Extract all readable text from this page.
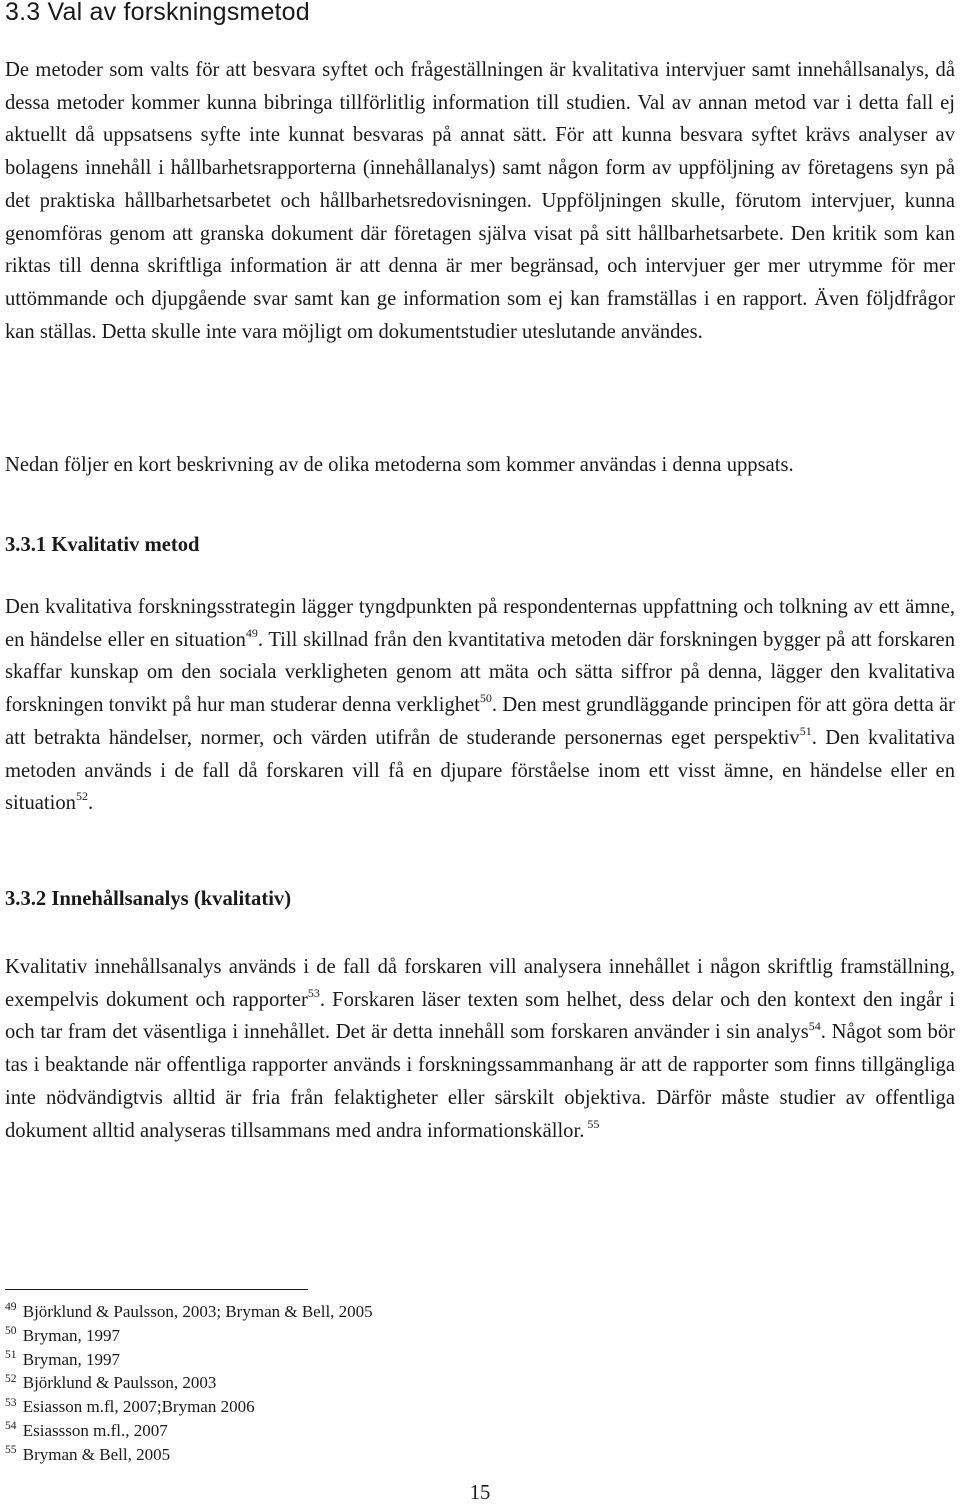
3.3 Val av forskningsmetod

De metoder som valts för att besvara syftet och frågeställningen är kvalitativa intervjuer samt innehållsanalys, då dessa metoder kommer kunna bibringa tillförlitlig information till studien. Val av annan metod var i detta fall ej aktuellt då uppsatsens syfte inte kunnat besvaras på annat sätt. För att kunna besvara syftet krävs analyser av bolagens innehåll i hållbarhetsrapporterna (innehållanalys) samt någon form av uppföljning av företagens syn på det praktiska hållbarhetsarbetet och hållbarhetsredovisningen. Uppföljningen skulle, förutom intervjuer, kunna genomföras genom att granska dokument där företagen själva visat på sitt hållbarhetsarbete. Den kritik som kan riktas till denna skriftliga information är att denna är mer begränsad, och intervjuer ger mer utrymme för mer uttömmande och djupgående svar samt kan ge information som ej kan framställas i en rapport. Även följdfrågor kan ställas. Detta skulle inte vara möjligt om dokumentstudier uteslutande användes.

Nedan följer en kort beskrivning av de olika metoderna som kommer användas i denna uppsats.

3.3.1 Kvalitativ metod

Den kvalitativa forskningsstrategin lägger tyngdpunkten på respondenternas uppfattning och tolkning av ett ämne, en händelse eller en situation$^{49}$. Till skillnad från den kvantitativa metoden där forskningen bygger på att forskaren skaffar kunskap om den sociala verkligheten genom att mäta och sätta siffror på denna, lägger den kvalitativa forskningen tonvikt på hur man studerar denna verklighet$^{50}$. Den mest grundläggande principen för att göra detta är att betrakta händelser, normer, och värden utifrån de studerande personernas eget perspektiv$^{51}$. Den kvalitativa metoden används i de fall då forskaren vill få en djupare förståelse inom ett visst ämne, en händelse eller en situation$^{52}$.

3.3.2 Innehållsanalys (kvalitativ)

Kvalitativ innehållsanalys används i de fall då forskaren vill analysera innehållet i någon skriftlig framställning, exempelvis dokument och rapporter$^{53}$. Forskaren läser texten som helhet, dess delar och den kontext den ingår i och tar fram det väsentliga i innehållet. Det är detta innehåll som forskaren använder i sin analys$^{54}$. Något som bör tas i beaktande när offentliga rapporter används i forskningssammanhang är att de rapporter som finns tillgängliga inte nödvändigtvis alltid är fria från felaktigheter eller särskilt objektiva. Därför måste studier av offentliga dokument alltid analyseras tillsammans med andra informationskällor. $^{55}$

$^{49}$ Björklund & Paulsson, 2003; Bryman & Bell, 2005
$^{50}$ Bryman, 1997
$^{51}$ Bryman, 1997
$^{52}$ Björklund & Paulsson, 2003
$^{53}$ Esiasson m.fl, 2007;Bryman 2006
$^{54}$ Esiassson m.fl., 2007
$^{55}$ Bryman & Bell, 2005
15
